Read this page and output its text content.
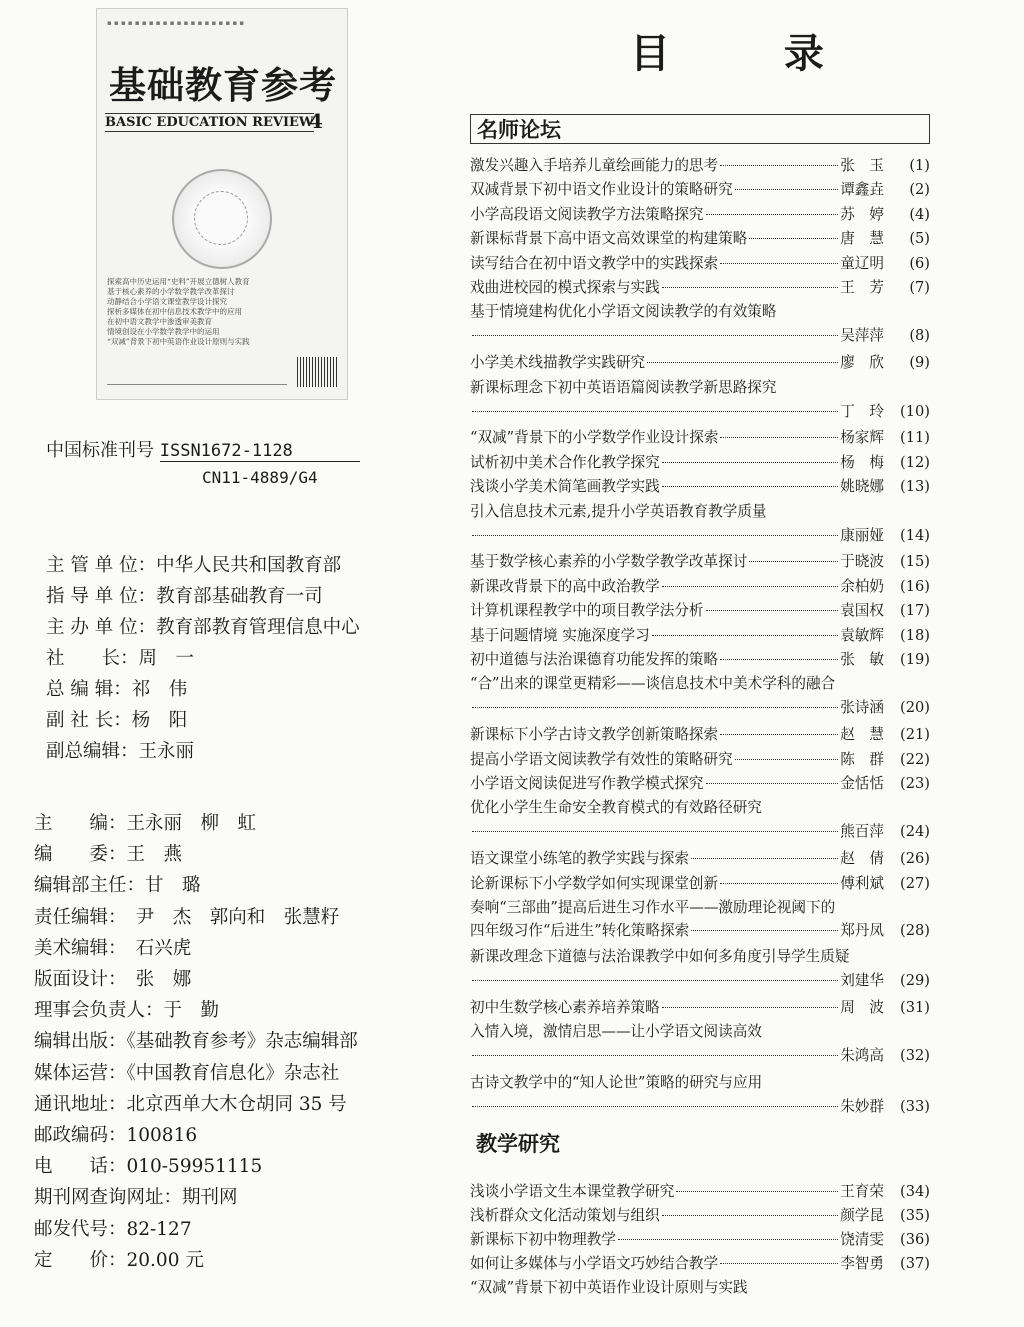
▪ ▪ ▪ ▪ ▪ ▪ ▪ ▪ ▪ ▪ ▪ ▪ ▪ ▪ ▪ ▪ ▪ ▪ ▪ ▪
基础教育参考
BASIC EDUCATION REVIEW
4
探索高中历史运用“史料”开展立德树人教育
基于核心素养的小学数学教学改革探讨
动静结合小学语文课堂教学设计探究
探析多媒体在初中信息技术教学中的应用
在初中语文教学中渗透审美教育
情境创设在小学数学教学中的运用
“双减”背景下初中英语作业设计原则与实践
中国标准刊号 ISSN1672-1128
CN11-4889/G4
主 管 单 位：中华人民共和国教育部
指 导 单 位：教育部基础教育一司
主 办 单 位：教育部教育管理信息中心
社　　长：周　一
总 编 辑：祁　伟
副 社 长：杨　阳
副总编辑：王永丽
主　　编：王永丽　柳　虹
编　　委：王　燕
编辑部主任：甘　璐
责任编辑：　尹　杰　郭向和　张慧籽
美术编辑：　石兴虎
版面设计：　张　娜
理事会负责人：于　勤
编辑出版：《基础教育参考》杂志编辑部
媒体运营：《中国教育信息化》杂志社
通讯地址：北京西单大木仓胡同 35 号
邮政编码：100816
电　　话：010-59951115
期刊网查询网址：期刊网
邮发代号：82-127
定　　价：20.00 元
目 录
名师论坛
激发兴趣入手培养儿童绘画能力的思考	张　玉	(1)
双减背景下初中语文作业设计的策略研究	谭鑫垚	(2)
小学高段语文阅读教学方法策略探究	苏　婷	(4)
新课标背景下高中语文高效课堂的构建策略	唐　慧	(5)
读写结合在初中语文教学中的实践探索	童辽明	(6)
戏曲进校园的模式探索与实践	王　芳	(7)
基于情境建构优化小学语文阅读教学的有效策略
吴萍萍	(8)
小学美术线描教学实践研究	廖　欣	(9)
新课标理念下初中英语语篇阅读教学新思路探究
丁　玲	(10)
“双减”背景下的小学数学作业设计探索	杨家辉	(11)
试析初中美术合作化教学探究	杨　梅	(12)
浅谈小学美术简笔画教学实践	姚晓娜	(13)
引入信息技术元素,提升小学英语教育教学质量
康丽娅	(14)
基于数学核心素养的小学数学教学改革探讨	于晓波	(15)
新课改背景下的高中政治教学	余柏奶	(16)
计算机课程教学中的项目教学法分析	袁国权	(17)
基于问题情境 实施深度学习	袁敏辉	(18)
初中道德与法治课德育功能发挥的策略	张　敏	(19)
“合”出来的课堂更精彩——谈信息技术中美术学科的融合
张诗涵	(20)
新课标下小学古诗文教学创新策略探索	赵　慧	(21)
提高小学语文阅读教学有效性的策略研究	陈　群	(22)
小学语文阅读促进写作教学模式探究	金恬恬	(23)
优化小学生生命安全教育模式的有效路径研究
熊百萍	(24)
语文课堂小练笔的教学实践与探索	赵　倩	(26)
论新课标下小学数学如何实现课堂创新	傅利斌	(27)
奏响“三部曲”提高后进生习作水平——激励理论视阈下的
四年级习作“后进生”转化策略探索	郑丹凤	(28)
新课改理念下道德与法治课教学中如何多角度引导学生质疑
刘建华	(29)
初中生数学核心素养培养策略	周　波	(31)
入情入境，激情启思——让小学语文阅读高效
朱鸿高	(32)
古诗文教学中的“知人论世”策略的研究与应用
朱妙群	(33)
教学研究
浅谈小学语文生本课堂教学研究	王育荣	(34)
浅析群众文化活动策划与组织	颜学昆	(35)
新课标下初中物理教学	饶清雯	(36)
如何让多媒体与小学语文巧妙结合教学	李智勇	(37)
“双减”背景下初中英语作业设计原则与实践
